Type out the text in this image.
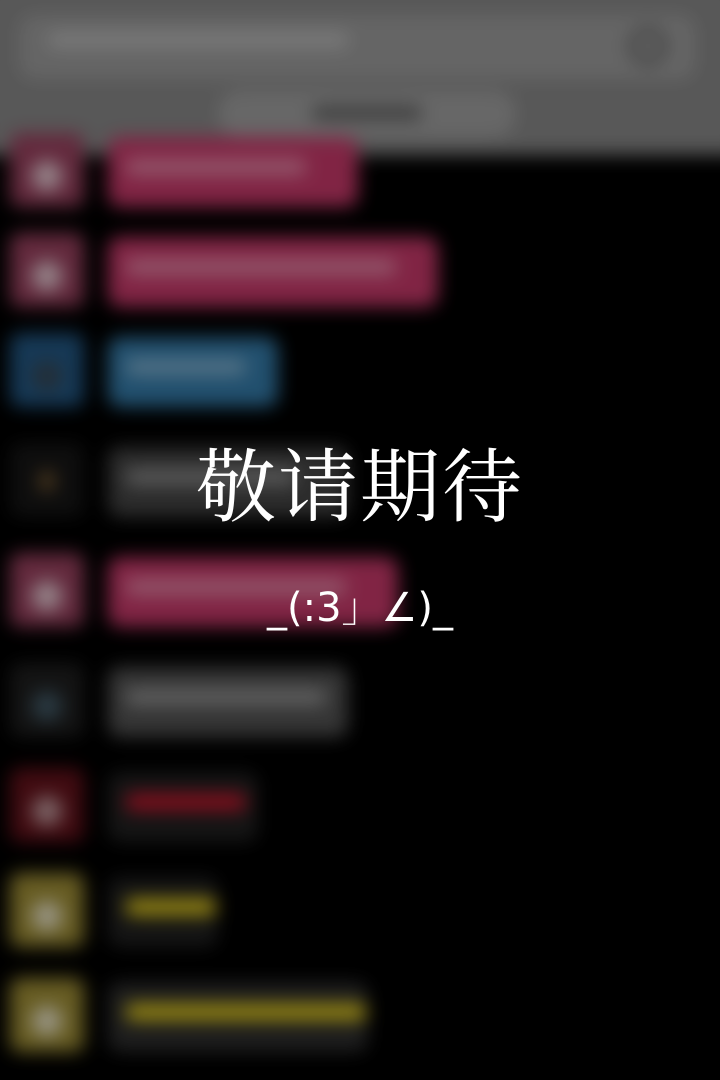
敬请期待
_(:3」∠)_
